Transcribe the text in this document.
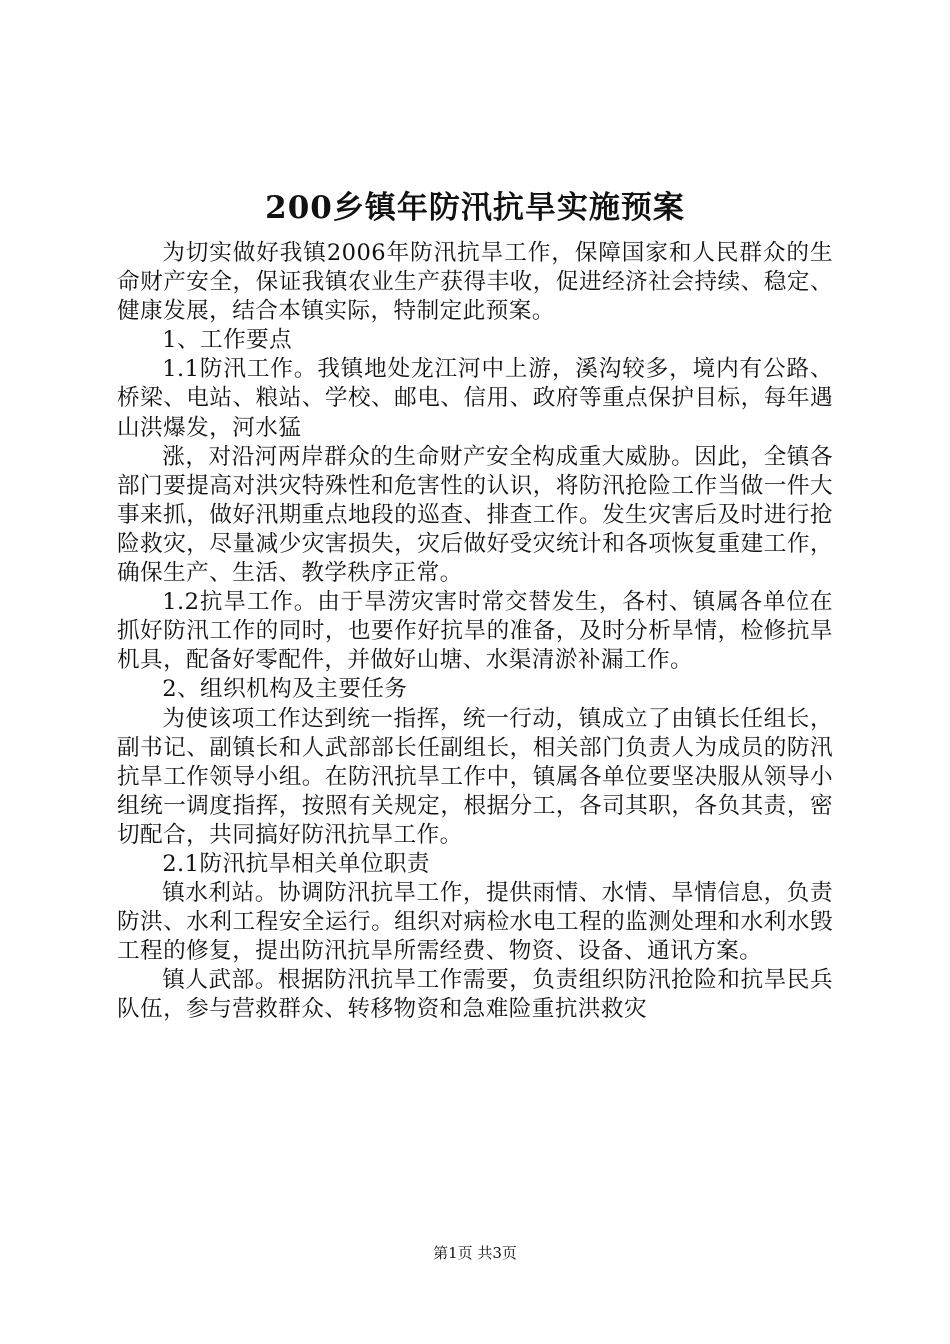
200乡镇年防汛抗旱实施预案

为切实做好我镇2006年防汛抗旱工作，保障国家和人民群众的生命财产安全，保证我镇农业生产获得丰收，促进经济社会持续、稳定、健康发展，结合本镇实际，特制定此预案。

1、工作要点

1.1防汛工作。我镇地处龙江河中上游，溪沟较多，境内有公路、桥梁、电站、粮站、学校、邮电、信用、政府等重点保护目标，每年遇山洪爆发，河水猛

涨，对沿河两岸群众的生命财产安全构成重大威胁。因此，全镇各部门要提高对洪灾特殊性和危害性的认识，将防汛抢险工作当做一件大事来抓，做好汛期重点地段的巡查、排查工作。发生灾害后及时进行抢险救灾，尽量减少灾害损失，灾后做好受灾统计和各项恢复重建工作，确保生产、生活、教学秩序正常。

1.2抗旱工作。由于旱涝灾害时常交替发生，各村、镇属各单位在抓好防汛工作的同时，也要作好抗旱的准备，及时分析旱情，检修抗旱机具，配备好零配件，并做好山塘、水渠清淤补漏工作。

2、组织机构及主要任务

为使该项工作达到统一指挥，统一行动，镇成立了由镇长任组长，副书记、副镇长和人武部部长任副组长，相关部门负责人为成员的防汛抗旱工作领导小组。在防汛抗旱工作中，镇属各单位要坚决服从领导小组统一调度指挥，按照有关规定，根据分工，各司其职，各负其责，密切配合，共同搞好防汛抗旱工作。

2.1防汛抗旱相关单位职责

镇水利站。协调防汛抗旱工作，提供雨情、水情、旱情信息，负责防洪、水利工程安全运行。组织对病检水电工程的监测处理和水利水毁工程的修复，提出防汛抗旱所需经费、物资、设备、通讯方案。

镇人武部。根据防汛抗旱工作需要，负责组织防汛抢险和抗旱民兵队伍，参与营救群众、转移物资和急难险重抗洪救灾

第1页 共3页
